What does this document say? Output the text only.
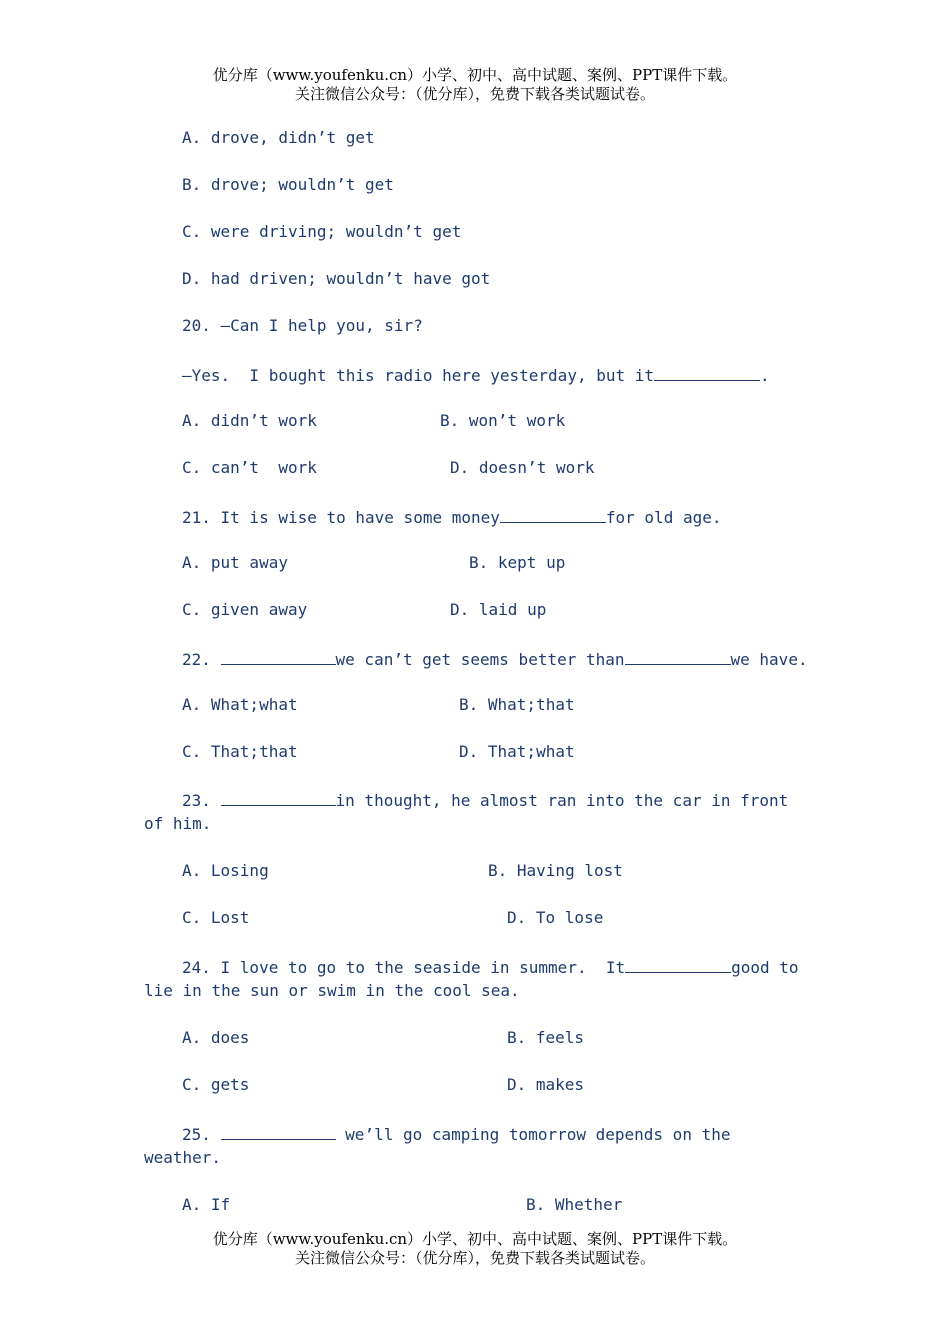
优分库（www.youfenku.cn）小学、初中、高中试题、案例、PPT课件下载。
关注微信公众号：（优分库），免费下载各类试题试卷。
A. drove, didn’t get
B. drove; wouldn’t get
C. were driving; wouldn’t get
D. had driven; wouldn’t have got
20. —Can I help you, sir?
—Yes.  I bought this radio here yesterday, but it	.
A. didn’t work	B. won’t work
C. can’t  work	D. doesn’t work
21. It is wise to have some money	for old age.
A. put away	B. kept up
C. given away	D. laid up
22.	we can’t get seems better than	we have.
A. What;what	B. What;that
C. That;that	D. That;what
23.	in thought, he almost ran into the car in front
of him.
A. Losing	B. Having lost
C. Lost	D. To lose
24. I love to go to the seaside in summer.  It	good to
lie in the sun or swim in the cool sea.
A. does	B. feels
C. gets	D. makes
25.	we’ll go camping tomorrow depends on the
weather.
A. If	B. Whether
优分库（www.youfenku.cn）小学、初中、高中试题、案例、PPT课件下载。
关注微信公众号：（优分库），免费下载各类试题试卷。
